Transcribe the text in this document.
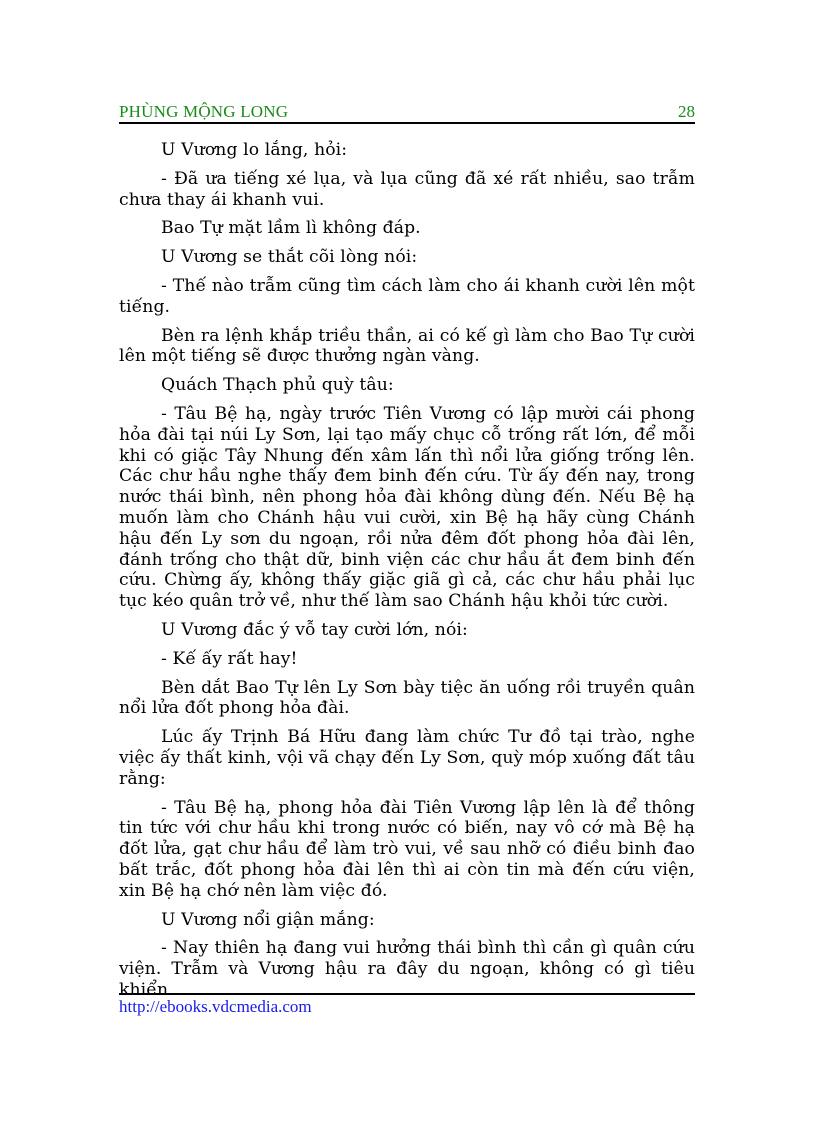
PHÙNG MỘNG LONG	28

U Vương lo lắng, hỏi:

- Đã ưa tiếng xé lụa, và lụa cũng đã xé rất nhiều, sao trẫm chưa thay ái khanh vui.

Bao Tự mặt lầm lì không đáp.

U Vương se thắt cõi lòng nói:

- Thế nào trẫm cũng tìm cách làm cho ái khanh cười lên một tiếng.

Bèn ra lệnh khắp triều thần, ai có kế gì làm cho Bao Tự cười lên một tiếng sẽ được thưởng ngàn vàng.

Quách Thạch phủ quỳ tâu:

- Tâu Bệ hạ, ngày trước Tiên Vương có lập mười cái phong hỏa đài tại núi Ly Sơn, lại tạo mấy chục cỗ trống rất lớn, để mỗi khi có giặc Tây Nhung đến xâm lấn thì nổi lửa giống trống lên. Các chư hầu nghe thấy đem binh đến cứu. Từ ấy đến nay, trong nước thái bình, nên phong hỏa đài không dùng đến. Nếu Bệ hạ muốn làm cho Chánh hậu vui cười, xin Bệ hạ hãy cùng Chánh hậu đến Ly sơn du ngoạn, rồi nửa đêm đốt phong hỏa đài lên, đánh trống cho thật dữ, binh viện các chư hầu ắt đem binh đến cứu. Chừng ấy, không thấy giặc giã gì cả, các chư hầu phải lục tục kéo quân trở về, như thế làm sao Chánh hậu khỏi tức cười.

U Vương đắc ý vỗ tay cười lớn, nói:

- Kế ấy rất hay!

Bèn dắt Bao Tự lên Ly Sơn bày tiệc ăn uống rồi truyền quân nổi lửa đốt phong hỏa đài.

Lúc ấy Trịnh Bá Hữu đang làm chức Tư đồ tại trào, nghe việc ấy thất kinh, vội vã chạy đến Ly Sơn, quỳ móp xuống đất tâu rằng:

- Tâu Bệ hạ, phong hỏa đài Tiên Vương lập lên là để thông tin tức với chư hầu khi trong nước có biến, nay vô cớ mà Bệ hạ đốt lửa, gạt chư hầu để làm trò vui, về sau nhỡ có điều binh đao bất trắc, đốt phong hỏa đài lên thì ai còn tin mà đến cứu viện, xin Bệ hạ chớ nên làm việc đó.

U Vương nổi giận mắng:

- Nay thiên hạ đang vui hưởng thái bình thì cần gì quân cứu viện. Trẫm và Vương hậu ra đây du ngoạn, không có gì tiêu khiển

http://ebooks.vdcmedia.com
